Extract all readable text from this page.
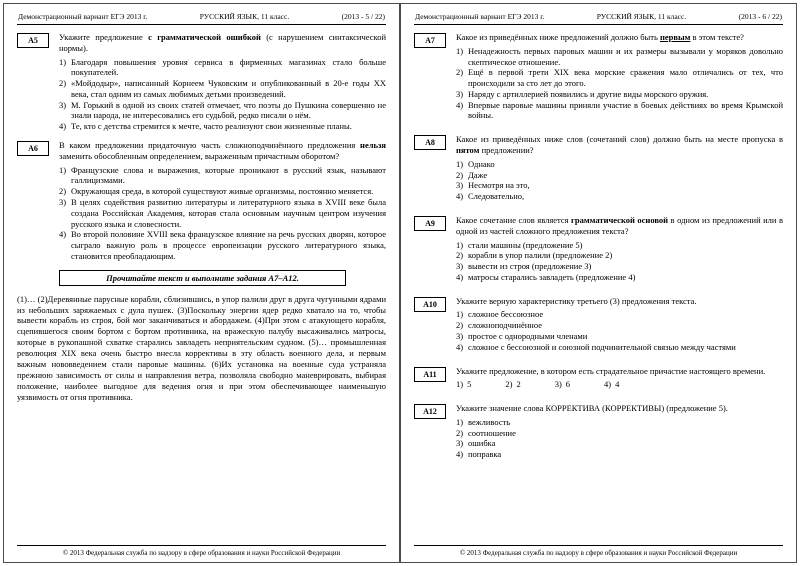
Демонстрационный вариант ЕГЭ 2013 г.	РУССКИЙ ЯЗЫК, 11 класс.	(2013 - 5 / 22)
А5	Укажите предложение с грамматической ошибкой (с нарушением синтаксической нормы).

1) Благодаря повышения уровня сервиса в фирменных магазинах стало больше покупателей.
2) «Мойдодыр», написанный Корнеем Чуковским и опубликованный в 20-е годы XX века, стал одним из самых любимых детьми произведений.
3) М. Горький в одной из своих статей отмечает, что поэты до Пушкина совершенно не знали народа, не интересовались его судьбой, редко писали о нём.
4) Те, кто с детства стремится к мечте, часто реализуют свои жизненные планы.
А6	В каком предложении придаточную часть сложноподчинённого предложения нельзя заменить обособленным определением, выраженным причастным оборотом?

1) Французские слова и выражения, которые проникают в русский язык, называют галлицизмами.
2) Окружающая среда, в которой существуют живые организмы, постоянно меняется.
3) В целях содействия развитию литературы и литературного языка в XVIII веке была создана Российская Академия, которая стала основным научным центром изучения русского языка и словесности.
4) Во второй половине XVIII века французское влияние на речь русских дворян, которое сыграло важную роль в процессе европеизации русского литературного языка, становится преобладающим.
Прочитайте текст и выполните задания А7–А12.
(1)… (2)Деревянные парусные корабли, сблизившись, в упор палили друг в друга чугунными ядрами из небольших заряжаемых с дула пушек. (3)Поскольку энергии ядер редко хватало на то, чтобы вывести корабль из строя, бой мог заканчиваться и абордажем. (4)При этом с атакующего корабля, сцепившегося своим бортом с бортом противника, на вражескую палубу высаживались матросы, которые в рукопашной схватке старались завладеть неприятельским судном. (5)… промышленная революция XIX века очень быстро внесла коррективы в эту область военного дела, и первым важным нововведением стали паровые машины. (6)Их установка на военные суда устраняла прежнюю зависимость от силы и направления ветра, позволяла свободно маневрировать, выбирая положение, наиболее выгодное для ведения огня и при этом обеспечивающее наименьшую уязвимость от огня противника.
© 2013 Федеральная служба по надзору в сфере образования и науки Российской Федерации
Демонстрационный вариант ЕГЭ 2013 г.	РУССКИЙ ЯЗЫК, 11 класс.	(2013 - 6 / 22)
А7	Какое из приведённых ниже предложений должно быть первым в этом тексте?

1) Ненадежность первых паровых машин и их размеры вызывали у моряков довольно скептическое отношение.
2) Ещё в первой трети XIX века морские сражения мало отличались от тех, что происходили за сто лет до этого.
3) Наряду с артиллерией появились и другие виды морского оружия.
4) Впервые паровые машины приняли участие в боевых действиях во время Крымской войны.
А8	Какое из приведённых ниже слов (сочетаний слов) должно быть на месте пропуска в пятом предложении?

1) Однако
2) Даже
3) Несмотря на это,
4) Следовательно,
А9	Какое сочетание слов является грамматической основой в одном из предложений или в одной из частей сложного предложения текста?

1) стали машины (предложение 5)
2) корабли в упор палили (предложение 2)
3) вывести из строя (предложение 3)
4) матросы старались завладеть (предложение 4)
А10	Укажите верную характеристику третьего (3) предложения текста.

1) сложное бессоюзное
2) сложноподчинённое
3) простое с однородными членами
4) сложное с бессоюзной и союзной подчинительной связью между частями
А11	Укажите предложение, в котором есть страдательное причастие настоящего времени.

1) 5	2) 2	3) 6	4) 4
А12	Укажите значение слова КОРРЕКТИВА (КОРРЕКТИВЫ) (предложение 5).

1) вежливость
2) соотношение
3) ошибка
4) поправка
© 2013 Федеральная служба по надзору в сфере образования и науки Российской Федерации
